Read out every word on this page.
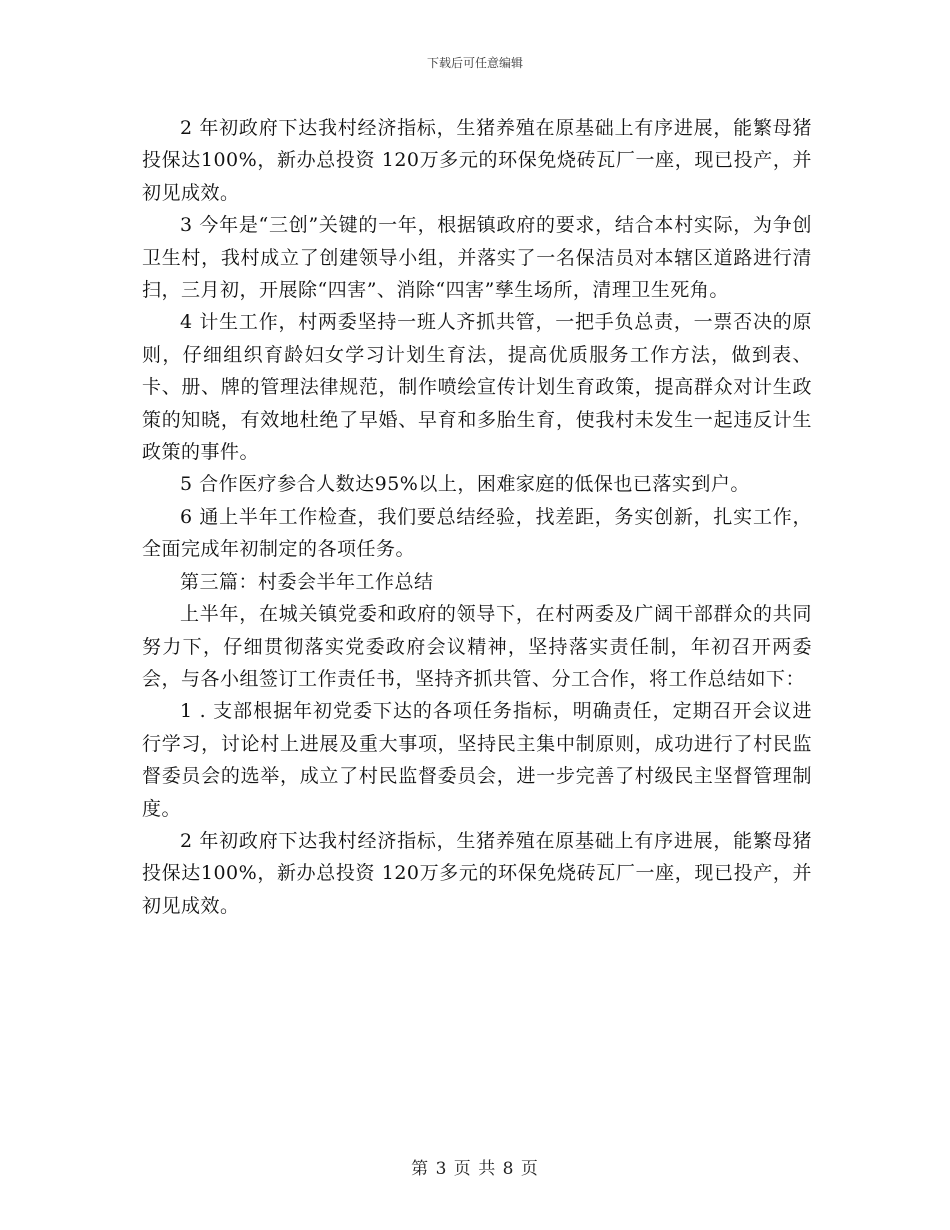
下载后可任意编辑

2 年初政府下达我村经济指标，生猪养殖在原基础上有序进展，能繁母猪投保达100%，新办总投资 120万多元的环保免烧砖瓦厂一座，现已投产，并初见成效。

3 今年是“三创”关键的一年，根据镇政府的要求，结合本村实际，为争创卫生村，我村成立了创建领导小组，并落实了一名保洁员对本辖区道路进行清扫，三月初，开展除“四害”、消除“四害”孳生场所，清理卫生死角。

4 计生工作，村两委坚持一班人齐抓共管，一把手负总责，一票否决的原则，仔细组织育龄妇女学习计划生育法，提高优质服务工作方法，做到表、卡、册、牌的管理法律规范，制作喷绘宣传计划生育政策，提高群众对计生政策的知晓，有效地杜绝了早婚、早育和多胎生育，使我村未发生一起违反计生政策的事件。

5 合作医疗参合人数达95%以上，困难家庭的低保也已落实到户。

6 通上半年工作检查，我们要总结经验，找差距，务实创新，扎实工作，全面完成年初制定的各项任务。

第三篇：村委会半年工作总结

上半年，在城关镇党委和政府的领导下，在村两委及广阔干部群众的共同努力下，仔细贯彻落实党委政府会议精神，坚持落实责任制，年初召开两委会，与各小组签订工作责任书，坚持齐抓共管、分工合作，将工作总结如下：

1 . 支部根据年初党委下达的各项任务指标，明确责任，定期召开会议进行学习，讨论村上进展及重大事项，坚持民主集中制原则，成功进行了村民监督委员会的选举，成立了村民监督委员会，进一步完善了村级民主坚督管理制度。

2 年初政府下达我村经济指标，生猪养殖在原基础上有序进展，能繁母猪投保达100%，新办总投资 120万多元的环保免烧砖瓦厂一座，现已投产，并初见成效。

第 3 页 共 8 页
